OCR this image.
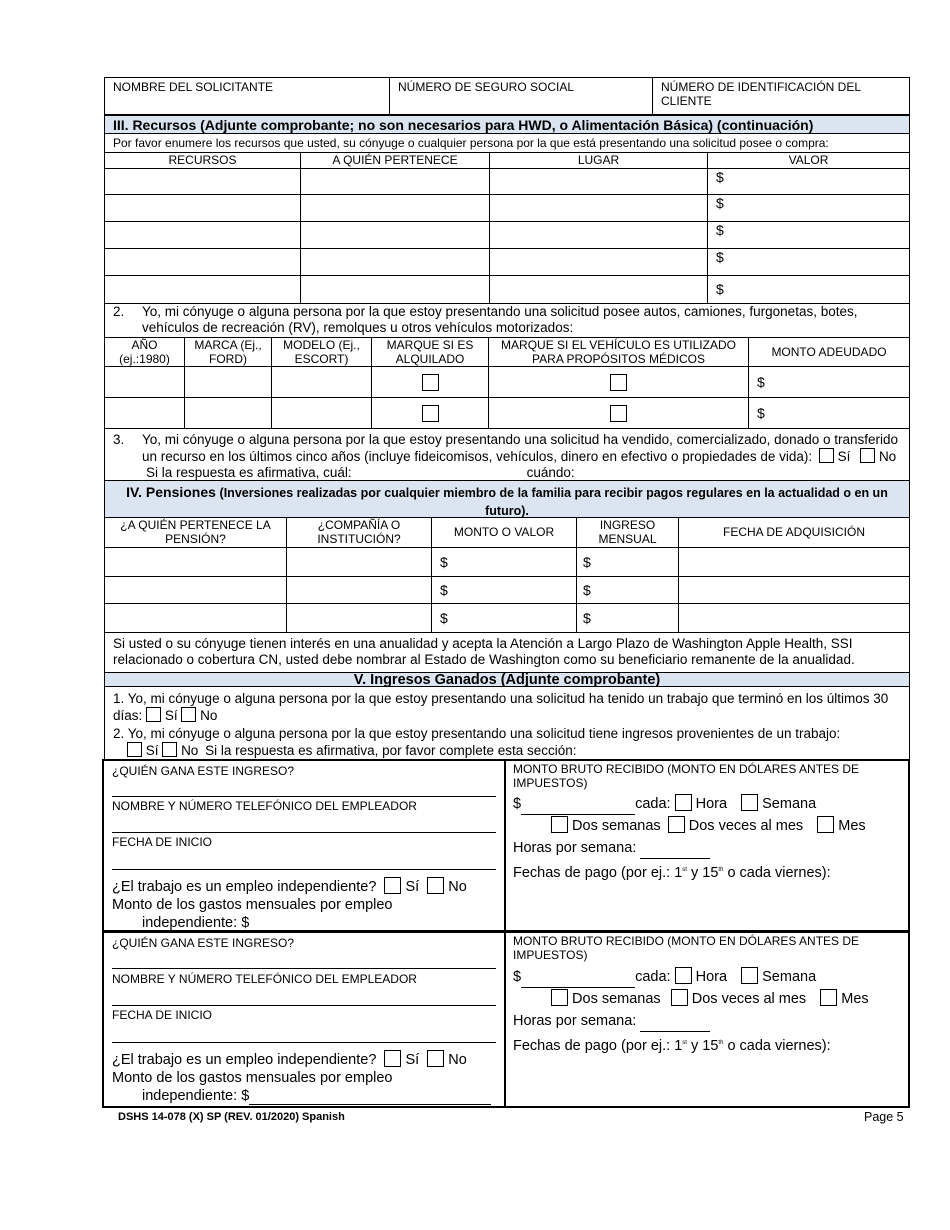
NOMBRE DEL SOLICITANTE	NÚMERO DE SEGURO SOCIAL	NÚMERO DE IDENTIFICACIÓN DEL CLIENTE
III. Recursos (Adjunte comprobante; no son necesarios para HWD, o Alimentación Básica) (continuación)
Por favor enumere los recursos que usted, su cónyuge o cualquier persona por la que está presentando una solicitud posee o compra:
RECURSOS	A QUIÉN PERTENECE	LUGAR	VALOR
			$
			$
			$
			$
			$
2. Yo, mi cónyuge o alguna persona por la que estoy presentando una solicitud posee autos, camiones, furgonetas, botes, vehículos de recreación (RV), remolques u otros vehículos motorizados:
AÑO (ej.:1980)	MARCA (Ej., FORD)	MODELO (Ej., ESCORT)	MARQUE SI ES ALQUILADO	MARQUE SI EL VEHÍCULO ES UTILIZADO PARA PROPÓSITOS MÉDICOS	MONTO ADEUDADO
					$
					$
3. Yo, mi cónyuge o alguna persona por la que estoy presentando una solicitud ha vendido, comercializado, donado o transferido un recurso en los últimos cinco años (incluye fideicomisos, vehículos, dinero en efectivo o propiedades de vida): Sí No Si la respuesta es afirmativa, cuál:	cuándo:
IV. Pensiones (Inversiones realizadas por cualquier miembro de la familia para recibir pagos regulares en la actualidad o en un futuro).
¿A QUIÉN PERTENECE LA PENSIÓN?	¿COMPAÑÍA O INSTITUCIÓN?	MONTO O VALOR	INGRESO MENSUAL	FECHA DE ADQUISICIÓN
		$	$	
		$	$	
		$	$	
Si usted o su cónyuge tienen interés en una anualidad y acepta la Atención a Largo Plazo de Washington Apple Health, SSI relacionado o cobertura CN, usted debe nombrar al Estado de Washington como su beneficiario remanente de la anualidad.
V. Ingresos Ganados (Adjunte comprobante)
1. Yo, mi cónyuge o alguna persona por la que estoy presentando una solicitud ha tenido un trabajo que terminó en los últimos 30 días: Sí No
2. Yo, mi cónyuge o alguna persona por la que estoy presentando una solicitud tiene ingresos provenientes de un trabajo:
Sí No Si la respuesta es afirmativa, por favor complete esta sección:
¿QUIÉN GANA ESTE INGRESO?
NOMBRE Y NÚMERO TELEFÓNICO DEL EMPLEADOR
FECHA DE INICIO
¿El trabajo es un empleo independiente? Sí No
Monto de los gastos mensuales por empleo
independiente: $
MONTO BRUTO RECIBIDO (MONTO EN DÓLARES ANTES DE IMPUESTOS)
$	cada: Hora Semana
Dos semanas Dos veces al mes Mes
Horas por semana:
Fechas de pago (por ej.: 1st y 15th o cada viernes):
¿QUIÉN GANA ESTE INGRESO?
NOMBRE Y NÚMERO TELEFÓNICO DEL EMPLEADOR
FECHA DE INICIO
¿El trabajo es un empleo independiente? Sí No
Monto de los gastos mensuales por empleo
independiente: $
MONTO BRUTO RECIBIDO (MONTO EN DÓLARES ANTES DE IMPUESTOS)
$	cada: Hora Semana
Dos semanas Dos veces al mes Mes
Horas por semana:
Fechas de pago (por ej.: 1st y 15th o cada viernes):
DSHS 14-078 (X) SP (REV. 01/2020) Spanish	Page 5
